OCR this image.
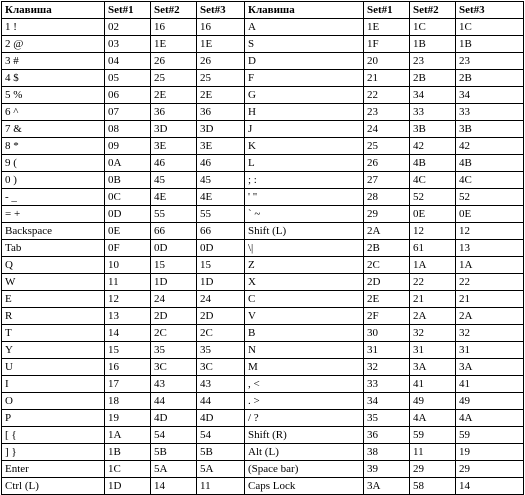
Клавиша	Set#1	Set#2	Set#3	Клавиша	Set#1	Set#2	Set#3
1 !	02	16	16	A	1E	1C	1C
2 @	03	1E	1E	S	1F	1B	1B
3 #	04	26	26	D	20	23	23
4 $	05	25	25	F	21	2B	2B
5 %	06	2E	2E	G	22	34	34
6 ^	07	36	36	H	23	33	33
7 &	08	3D	3D	J	24	3B	3B
8 *	09	3E	3E	K	25	42	42
9 (	0A	46	46	L	26	4B	4B
0 )	0B	45	45	; :	27	4C	4C
- _	0C	4E	4E	' "	28	52	52
= +	0D	55	55	` ~	29	0E	0E
Backspace	0E	66	66	Shift (L)	2A	12	12
Tab	0F	0D	0D	\|	2B	61	13
Q	10	15	15	Z	2C	1A	1A
W	11	1D	1D	X	2D	22	22
E	12	24	24	C	2E	21	21
R	13	2D	2D	V	2F	2A	2A
T	14	2C	2C	B	30	32	32
Y	15	35	35	N	31	31	31
U	16	3C	3C	M	32	3A	3A
I	17	43	43	, <	33	41	41
O	18	44	44	. >	34	49	49
P	19	4D	4D	/ ?	35	4A	4A
[ {	1A	54	54	Shift (R)	36	59	59
] }	1B	5B	5B	Alt (L)	38	11	19
Enter	1C	5A	5A	(Space bar)	39	29	29
Ctrl (L)	1D	14	11	Caps Lock	3A	58	14
